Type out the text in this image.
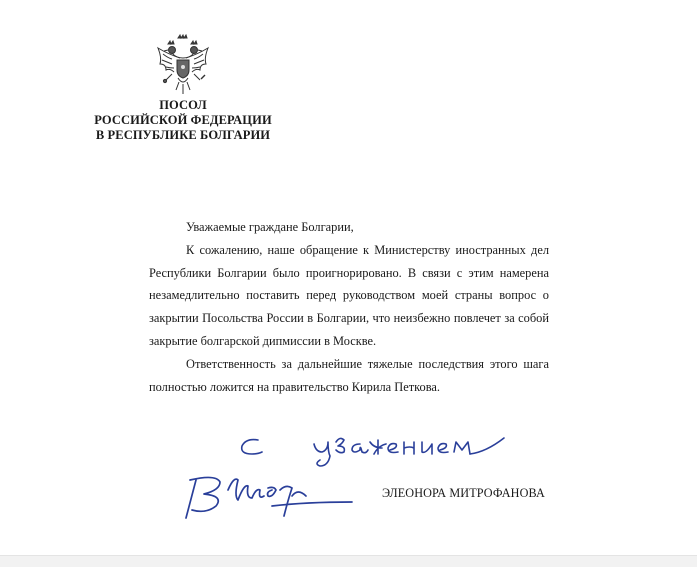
ПОСОЛ
РОССИЙСКОЙ ФЕДЕРАЦИИ
В РЕСПУБЛИКЕ БОЛГАРИИ

Уважаемые граждане Болгарии,

К сожалению, наше обращение к Министерству иностранных дел Республики Болгарии было проигнорировано. В связи с этим намерена незамедлительно поставить перед руководством моей страны вопрос о закрытии Посольства России в Болгарии, что неизбежно повлечет за собой закрытие болгарской дипмиссии в Москве.

Ответственность за дальнейшие тяжелые последствия этого шага полностью ложится на правительство Кирила Петкова.

ЭЛЕОНОРА МИТРОФАНОВА
